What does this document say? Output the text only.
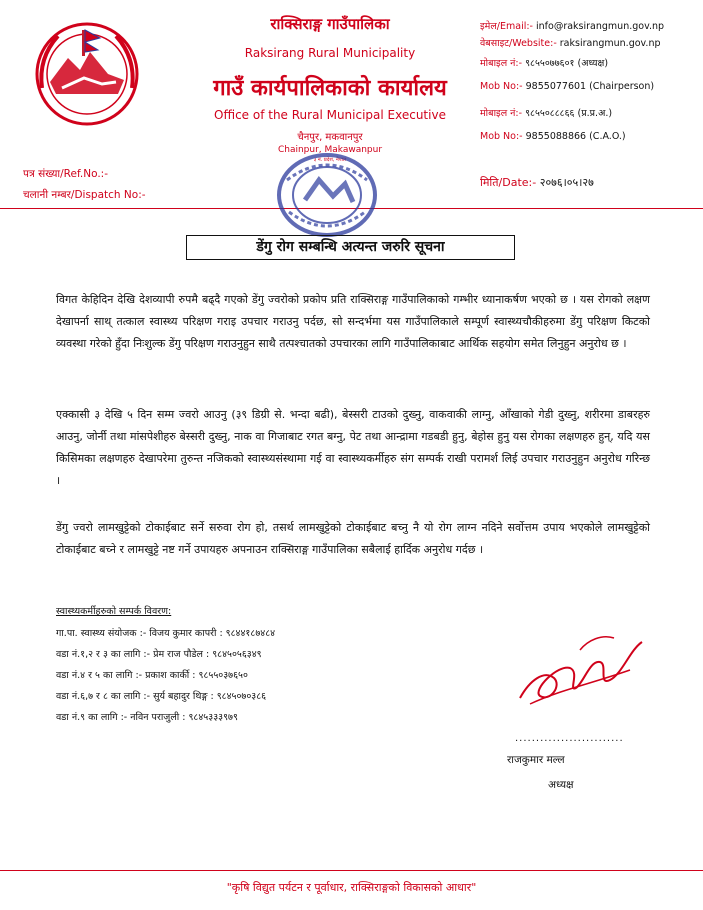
राक्सिराङ्ग गाउँपालिका
Raksirang Rural Municipality
गाउँ कार्यपालिकाको कार्यालय
Office of the Rural Municipal Executive
चैनपुर, मकवानपुर
Chainpur, Makawanpur
३ नं. प्रदेश, नेपाल
इमेल/Email:- info@raksirangmun.gov.np
वेबसाइट/Website:- raksirangmun.gov.np
मोबाइल नं:- ९८५५०७७६०१ (अध्यक्ष)
Mob No:- 9855077601 (Chairperson)
मोबाइल नं:- ९८५५०८८८६६ (प्र.प्र.अ.)
Mob No:- 9855088866 (C.A.O.)
पत्र संख्या/Ref.No.:-
चलानी नम्बर/Dispatch No:-
मिति/Date:- २०७६।०५।२७
डेंगु रोग सम्बन्धि अत्यन्त जरुरि सूचना
विगत केहिदिन देखि देशव्यापी रुपमै बढ्दै गएको डेंगु ज्वरोको प्रकोप प्रति राक्सिराङ्ग गाउँपालिकाको गम्भीर ध्यानाकर्षण भएको छ । यस रोगको लक्षण देखापर्ना साथ् तत्काल स्वास्थ्य परिक्षण गराइ उपचार गराउनु पर्दछ, सो सन्दर्भमा यस गाउँपालिकाले सम्पूर्ण स्वास्थ्यचौकीहरुमा डेंगु परिक्षण किटको व्यवस्था गरेको हुँदा निःशुल्क डेंगु परिक्षण गराउनुहुन साथै तत्पश्चातको उपचारका लागि गाउँपालिकाबाट आर्थिक सहयोग समेत लिनुहुन अनुरोध छ ।
एक्कासी ३ देखि ५ दिन सम्म ज्वरो आउनु (३९ डिग्री से. भन्दा बढी), बेस्सरी टाउको दुख्नु, वाकवाकी लाग्नु, आँखाको गेडी दुख्नु, शरीरमा डाबरहरु आउनु, जोर्नी तथा मांसपेशीहरु बेस्सरी दुख्नु, नाक वा गिजाबाट रगत बग्नु, पेट तथा आन्द्रामा गडबडी हुनु, बेहोस हुनु यस रोगका लक्षणहरु हुन्, यदि यस किसिमका लक्षणहरु देखापरेमा तुरुन्त नजिकको स्वास्थ्यसंस्थामा गई वा स्वास्थ्यकर्मीहरु संग सम्पर्क राखी परामर्श लिई उपचार गराउनुहुन अनुरोध गरिन्छ ।
डेंगु ज्वरो लामखुट्टेको टोकाईबाट सर्ने सरुवा रोग हो, तसर्थ लामखुट्टेको टोकाईबाट बच्नु नै यो रोग लाग्न नदिने सर्वोत्तम उपाय भएकोले लामखुट्टेको टोकाईबाट बच्ने र लामखुट्टे नष्ट गर्ने उपायहरु अपनाउन राक्सिराङ्ग गाउँपालिका सबैलाई हार्दिक अनुरोध गर्दछ ।
स्वास्थ्यकर्मीहरुको सम्पर्क विवरण:
गा.पा. स्वास्थ्य संयोजक :- विजय कुमार कापरी : ९८४४१८७४८४
वडा नं.१,२ र ३ का लागि :- प्रेम राज पौडेल : ९८४५०५६३४९
वडा नं.४ र ५ का लागि :- प्रकाश कार्की : ९८५५०३७६५०
वडा नं.६,७ र ८ का लागि :- सुर्य बहादुर थिङ्ग : ९८४५०७०३८६
वडा नं.९ का लागि :- नविन पराजुली : ९८४५३३३९७९
..........................
राजकुमार मल्ल
अध्यक्ष
"कृषि विद्युत पर्यटन र पूर्वाधार, राक्सिराङ्गको विकासको आधार"
